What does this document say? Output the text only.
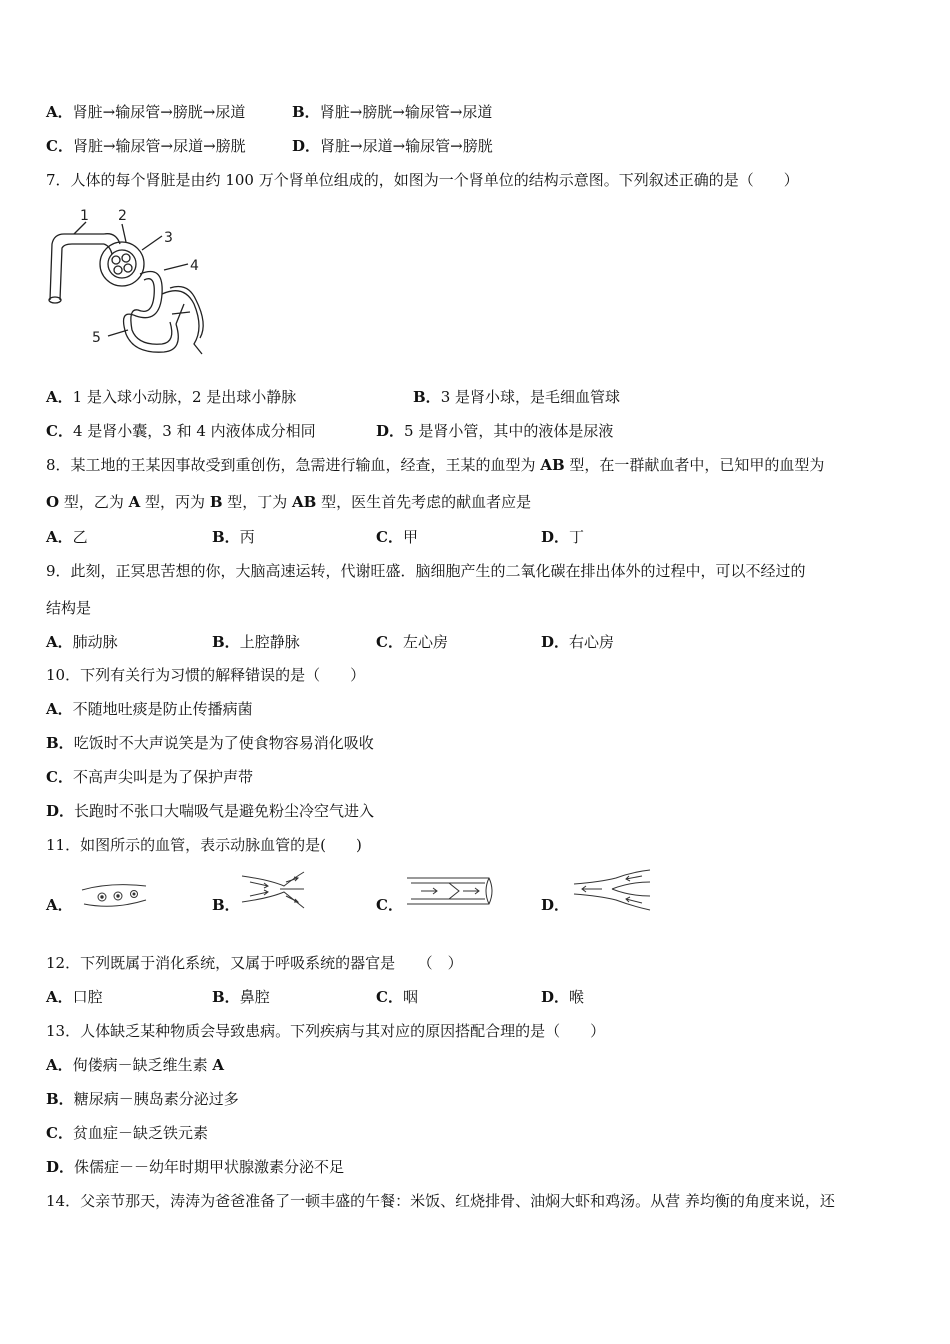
A．肾脏→输尿管→膀胱→尿道	B．肾脏→膀胱→输尿管→尿道
C．肾脏→输尿管→尿道→膀胱	D．肾脏→尿道→输尿管→膀胱
7．人体的每个肾脏是由约 100 万个肾单位组成的，如图为一个肾单位的结构示意图。下列叙述正确的是（　　）
1 2
3
4
5
A．1 是入球小动脉，2 是出球小静脉	B．3 是肾小球，是毛细血管球
C．4 是肾小囊，3 和 4 内液体成分相同	D．5 是肾小管，其中的液体是尿液
8．某工地的王某因事故受到重创伤，急需进行输血，经查，王某的血型为 AB 型，在一群献血者中，已知甲的血型为
O 型，乙为 A 型，丙为 B 型，丁为 AB 型，医生首先考虑的献血者应是
A．乙	B．丙	C．甲	D．丁
9．此刻，正冥思苦想的你，大脑高速运转，代谢旺盛．脑细胞产生的二氧化碳在排出体外的过程中，可以不经过的
结构是
A．肺动脉	B．上腔静脉	C．左心房	D．右心房
10．下列有关行为习惯的解释错误的是（　　）
A．不随地吐痰是防止传播病菌
B．吃饭时不大声说笑是为了使食物容易消化吸收
C．不高声尖叫是为了保护声带
D．长跑时不张口大喘吸气是避免粉尘冷空气进入
11．如图所示的血管，表示动脉血管的是(　　)
A．	B．	C．	D．
12．下列既属于消化系统，又属于呼吸系统的器官是　　（　）
A．口腔	B．鼻腔	C．咽	D．喉
13．人体缺乏某种物质会导致患病。下列疾病与其对应的原因搭配合理的是（　　）
A．佝偻病－缺乏维生素 A
B．糖尿病－胰岛素分泌过多
C．贫血症－缺乏铁元素
D．侏儒症－－幼年时期甲状腺激素分泌不足
14．父亲节那天，涛涛为爸爸准备了一顿丰盛的午餐：米饭、红烧排骨、油焖大虾和鸡汤。从营 养均衡的角度来说，还
